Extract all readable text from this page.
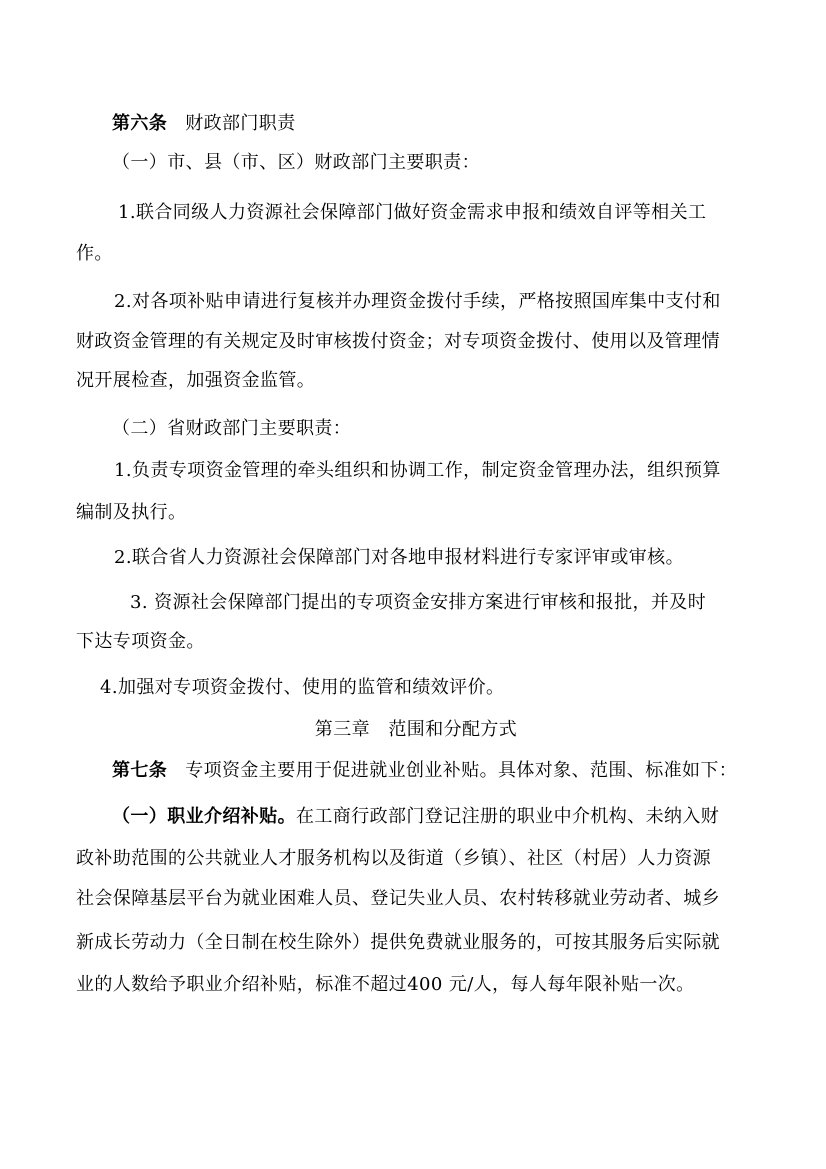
第六条 财政部门职责
（一）市、县（市、区）财政部门主要职责：
1.联合同级人力资源社会保障部门做好资金需求申报和绩效自评等相关工
作。
2.对各项补贴申请进行复核并办理资金拨付手续，严格按照国库集中支付和
财政资金管理的有关规定及时审核拨付资金；对专项资金拨付、使用以及管理情
况开展检查，加强资金监管。
（二）省财政部门主要职责：
1.负责专项资金管理的牵头组织和协调工作，制定资金管理办法，组织预算
编制及执行。
2.联合省人力资源社会保障部门对各地申报材料进行专家评审或审核。
3. 资源社会保障部门提出的专项资金安排方案进行审核和报批，并及时
下达专项资金。
4.加强对专项资金拨付、使用的监管和绩效评价。
第三章　范围和分配方式
第七条 专项资金主要用于促进就业创业补贴。具体对象、范围、标准如下：
（一）职业介绍补贴。在工商行政部门登记注册的职业中介机构、未纳入财
政补助范围的公共就业人才服务机构以及街道（乡镇）、社区（村居）人力资源
社会保障基层平台为就业困难人员、登记失业人员、农村转移就业劳动者、城乡
新成长劳动力（全日制在校生除外）提供免费就业服务的，可按其服务后实际就
业的人数给予职业介绍补贴，标准不超过400 元/人，每人每年限补贴一次。
